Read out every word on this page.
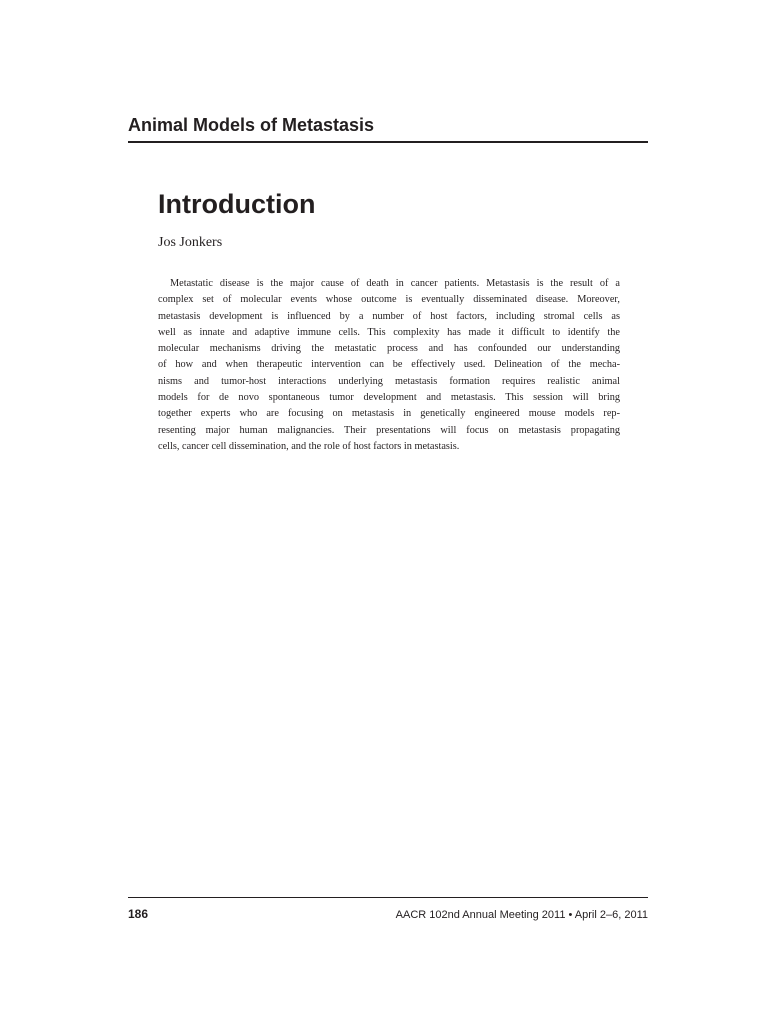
Animal Models of Metastasis
Introduction
Jos Jonkers

Metastatic disease is the major cause of death in cancer patients. Metastasis is the result of a
complex set of molecular events whose outcome is eventually disseminated disease. Moreover,
metastasis development is influenced by a number of host factors, including stromal cells as
well as innate and adaptive immune cells. This complexity has made it difficult to identify the
molecular mechanisms driving the metastatic process and has confounded our understanding
of how and when therapeutic intervention can be effectively used. Delineation of the mecha-
nisms and tumor-host interactions underlying metastasis formation requires realistic animal
models for de novo spontaneous tumor development and metastasis. This session will bring
together experts who are focusing on metastasis in genetically engineered mouse models rep-
resenting major human malignancies. Their presentations will focus on metastasis propagating
cells, cancer cell dissemination, and the role of host factors in metastasis.

186	AACR 102nd Annual Meeting 2011 • April 2–6, 2011
